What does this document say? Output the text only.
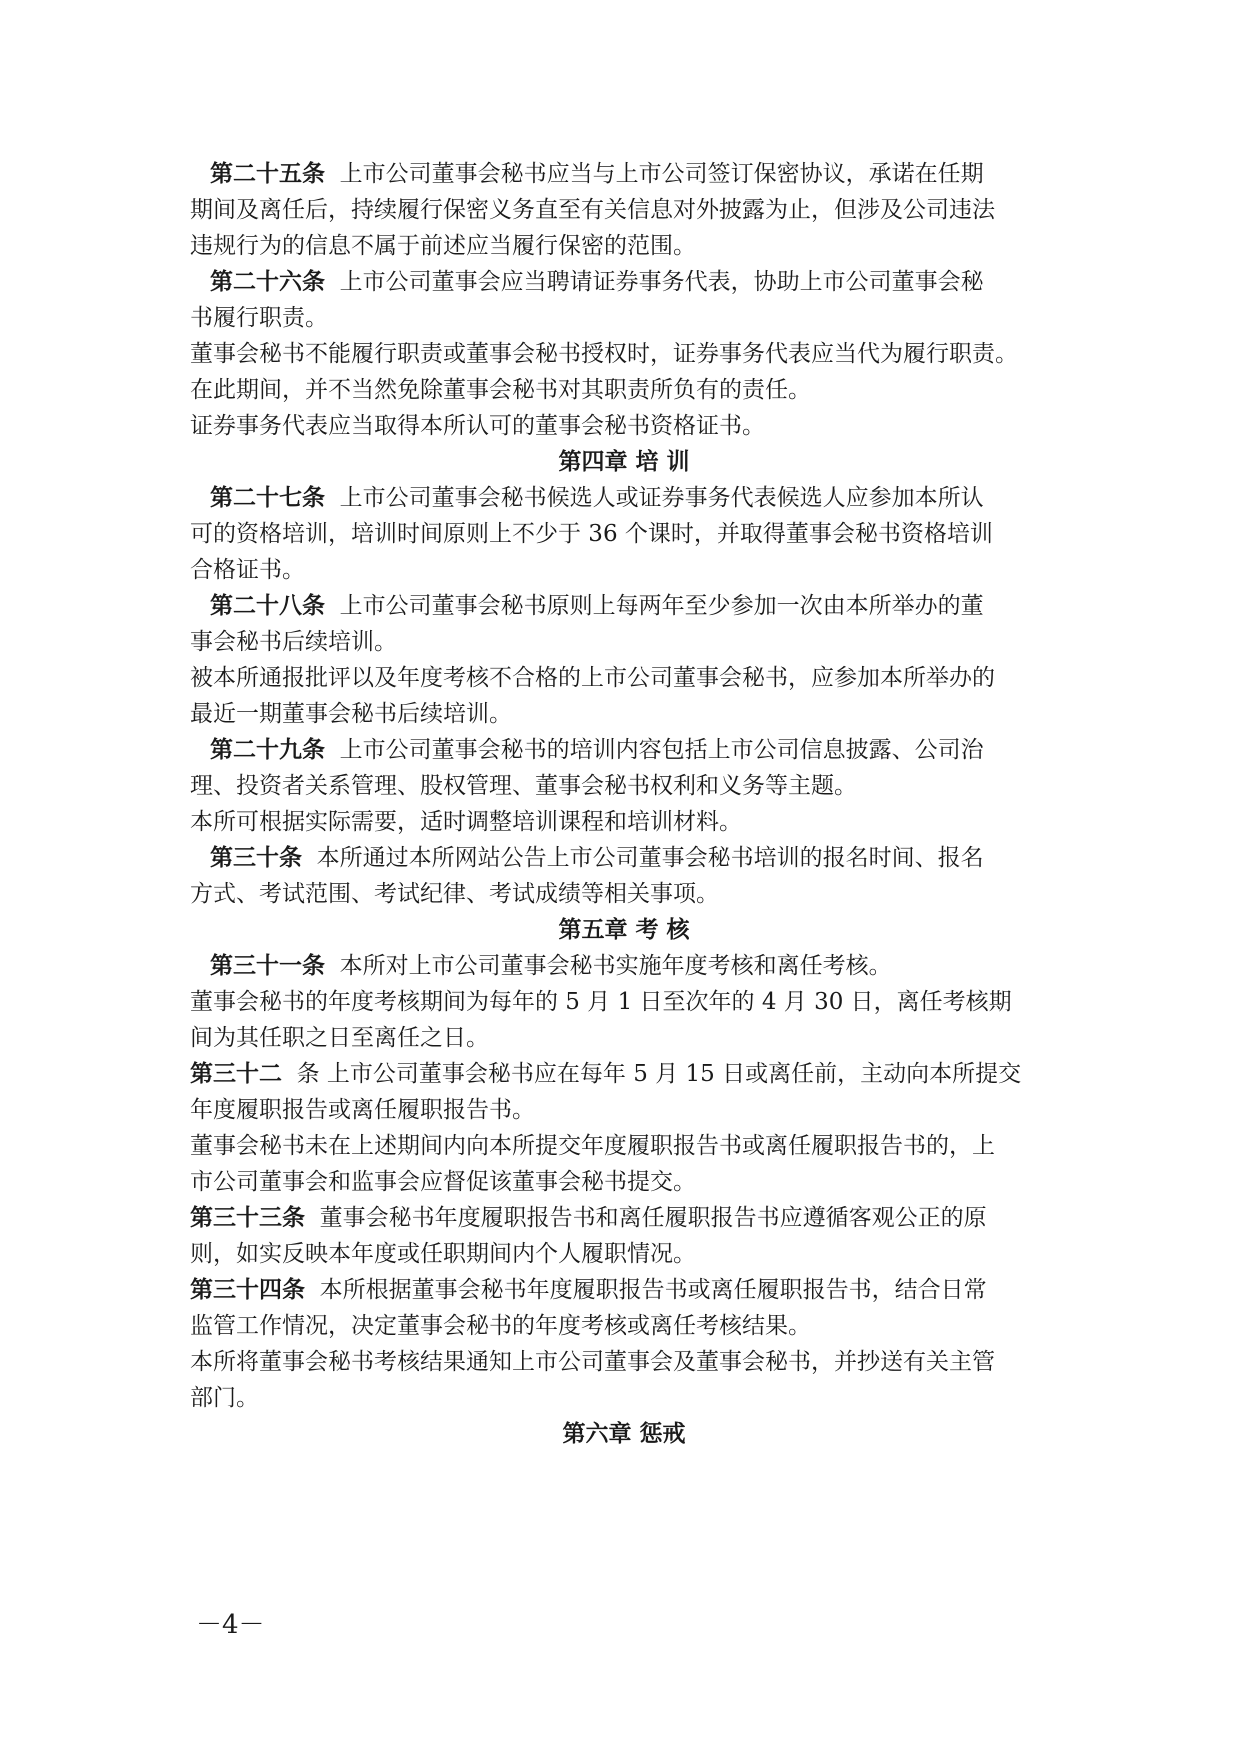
第二十五条 上市公司董事会秘书应当与上市公司签订保密协议，承诺在任期
期间及离任后，持续履行保密义务直至有关信息对外披露为止，但涉及公司违法
违规行为的信息不属于前述应当履行保密的范围。
第二十六条 上市公司董事会应当聘请证券事务代表，协助上市公司董事会秘
书履行职责。
董事会秘书不能履行职责或董事会秘书授权时，证券事务代表应当代为履行职责。
在此期间，并不当然免除董事会秘书对其职责所负有的责任。
证券事务代表应当取得本所认可的董事会秘书资格证书。
第四章 培 训
第二十七条 上市公司董事会秘书候选人或证券事务代表候选人应参加本所认
可的资格培训，培训时间原则上不少于 36 个课时，并取得董事会秘书资格培训
合格证书。
第二十八条 上市公司董事会秘书原则上每两年至少参加一次由本所举办的董
事会秘书后续培训。
被本所通报批评以及年度考核不合格的上市公司董事会秘书，应参加本所举办的
最近一期董事会秘书后续培训。
第二十九条 上市公司董事会秘书的培训内容包括上市公司信息披露、公司治
理、投资者关系管理、股权管理、董事会秘书权利和义务等主题。
本所可根据实际需要，适时调整培训课程和培训材料。
第三十条 本所通过本所网站公告上市公司董事会秘书培训的报名时间、报名
方式、考试范围、考试纪律、考试成绩等相关事项。
第五章 考 核
第三十一条 本所对上市公司董事会秘书实施年度考核和离任考核。
董事会秘书的年度考核期间为每年的 5 月 1 日至次年的 4 月 30 日，离任考核期
间为其任职之日至离任之日。
第三十二 条 上市公司董事会秘书应在每年 5 月 15 日或离任前，主动向本所提交
年度履职报告或离任履职报告书。
董事会秘书未在上述期间内向本所提交年度履职报告书或离任履职报告书的，上
市公司董事会和监事会应督促该董事会秘书提交。
第三十三条 董事会秘书年度履职报告书和离任履职报告书应遵循客观公正的原
则，如实反映本年度或任职期间内个人履职情况。
第三十四条 本所根据董事会秘书年度履职报告书或离任履职报告书，结合日常
监管工作情况，决定董事会秘书的年度考核或离任考核结果。
本所将董事会秘书考核结果通知上市公司董事会及董事会秘书，并抄送有关主管
部门。
第六章 惩戒
－4－
